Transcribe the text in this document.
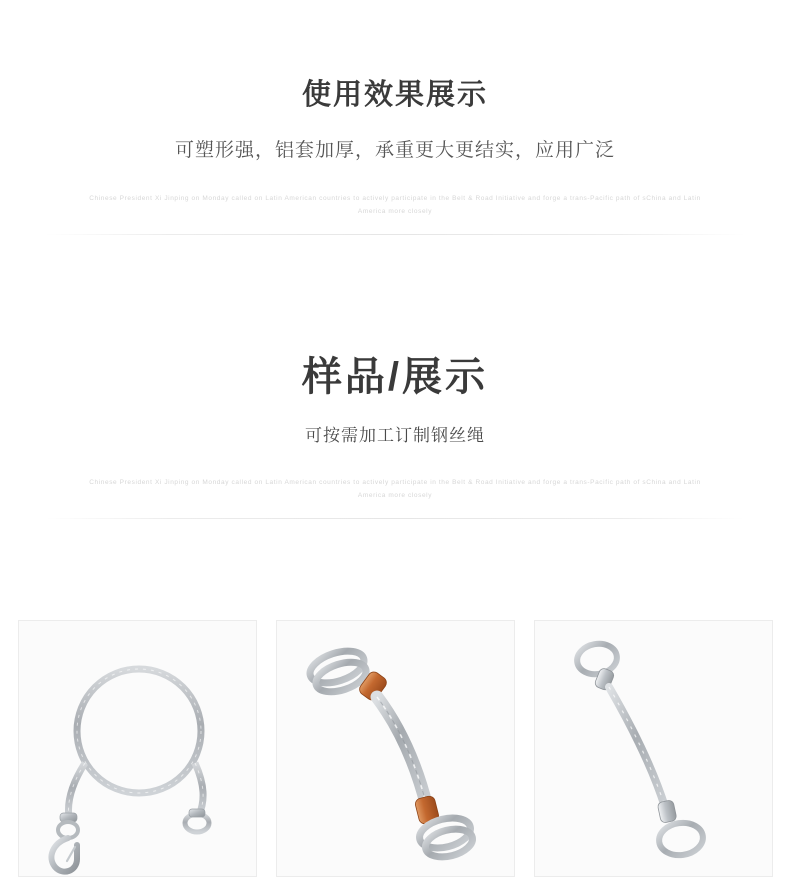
使用效果展示

可塑形强，铝套加厚，承重更大更结实，应用广泛

Chinese President Xi Jinping on Monday called on Latin American countries to actively participate in the Belt & Road Initiative and forge a trans-Pacific path of sChina and Latin America more closely
样品/展示

可按需加工订制钢丝绳

Chinese President Xi Jinping on Monday called on Latin American countries to actively participate in the Belt & Road Initiative and forge a trans-Pacific path of sChina and Latin America more closely
